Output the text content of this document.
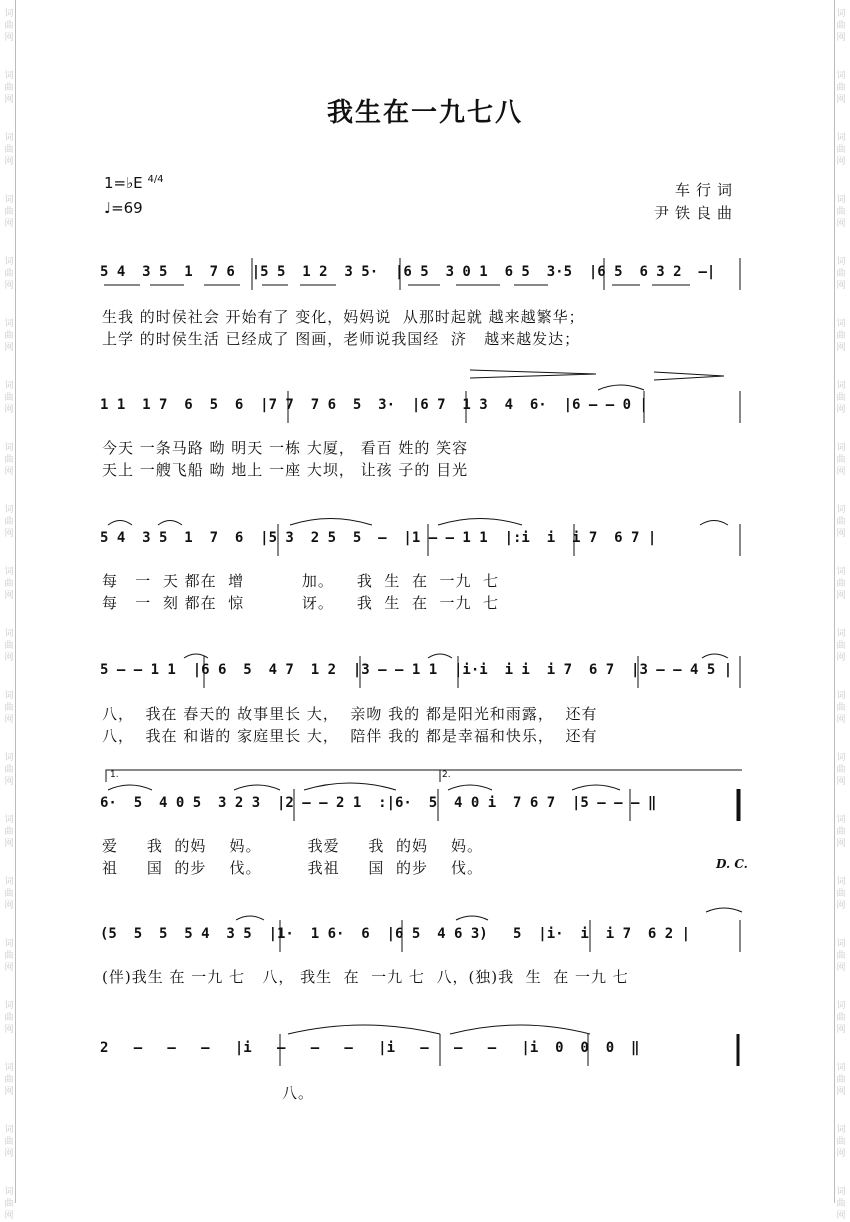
词
曲
网
词
曲
网
词
曲
网
词
曲
网
词
曲
网
词
曲
网
词
曲
网
词
曲
网
词
曲
网
词
曲
网
词
曲
网
词
曲
网
词
曲
网
词
曲
网
词
曲
网
词
曲
网
词
曲
网
词
曲
网
词
曲
网
词
曲
网
词
曲
网
词
曲
网
词
曲
网
词
曲
网
词
曲
网
词
曲
网
词
曲
网
词
曲
网
词
曲
网
词
曲
网
词
曲
网
词
曲
网
词
曲
网
词
曲
网
词
曲
网
词
曲
网
词
曲
网
词
曲
网
词
曲
网
词
曲
网
我生在一九七八
1=♭E $^{4/4}$
♩=69
车行词
尹铁良曲
5 4  3 5  1  7 6  |5 5  1 2  3 5·  |6 5  3 0 1  6 5  3·5  |6 5  6 3 2  –|
生我 的时侯社会 开始有了 变化，妈妈说  从那时起就 越来越繁华；
上学 的时侯生活 已经成了 图画，老师说我国经  济   越来越发达；
1 1  1 7  6  5  6  |7 7  7 6  5  3·  |6 7  1 3  4  6·  |6 – – 0 |
今天 一条马路 呦 明天 一栋 大厦， 看百 姓的 笑容
天上 一艘飞船 呦 地上 一座 大坝， 让孩 子的 目光
5 4  3 5  1  7  6  |5 3  2 5  5  –  |1 – – 1 1  |:i  i  i 7  6 7 |
每   一  天 都在  增          加。    我  生  在  一九  七
每   一  刻 都在  惊          讶。    我  生  在  一九  七
5 – – 1 1  |6 6  5  4 7  1 2  |3 – – 1 1  |i·i  i i  i 7  6 7  |3 – – 4 5 |
八，  我在 春天的 故事里长 大，  亲吻 我的 都是阳光和雨露，  还有
八，  我在 和谐的 家庭里长 大，  陪伴 我的 都是幸福和快乐，  还有
1.	2.
6·  5  4 0 5  3 2 3  |2 – – 2 1  :|6·  5  4 0 i  7 6 7  |5 – – – ‖
爱     我  的妈    妈。        我爱     我  的妈    妈。
祖     国  的步    伐。        我祖     国  的步    伐。	D. C.
(5  5  5  5 4  3 5  |1·  1 6·  6  |6 5  4 6 3)   5  |i·  i  i 7  6 2 |
(伴)我生 在 一九 七   八， 我生  在  一九 七  八，(独)我  生  在 一九 七
2   –   –   –   |i   –   –   –   |i   –   –   –   |i  0  0  0  ‖
八。
